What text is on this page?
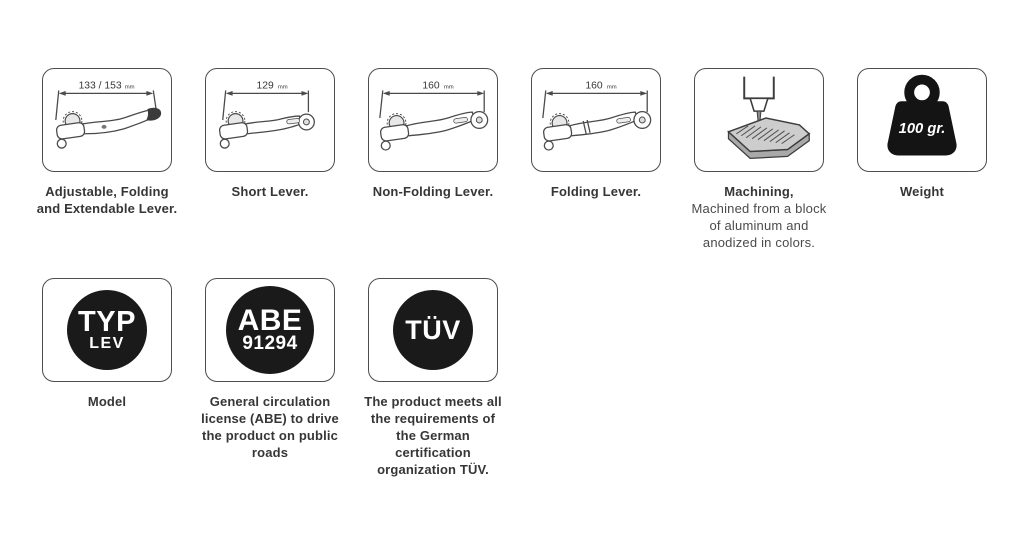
133 / 153 mm
Adjustable, Folding
and Extendable Lever.
129 mm
Short Lever.
160 mm
Non-Folding Lever.
160 mm
Folding Lever.	Machining,
Machined from a block
of aluminum and
anodized in colors.
100 gr.
Weight
TYP
LEV
Model
ABE
91294
General circulation
license (ABE) to drive
the product on public
roads
TÜV
The product meets all
the requirements of
the German
certification
organization TÜV.
